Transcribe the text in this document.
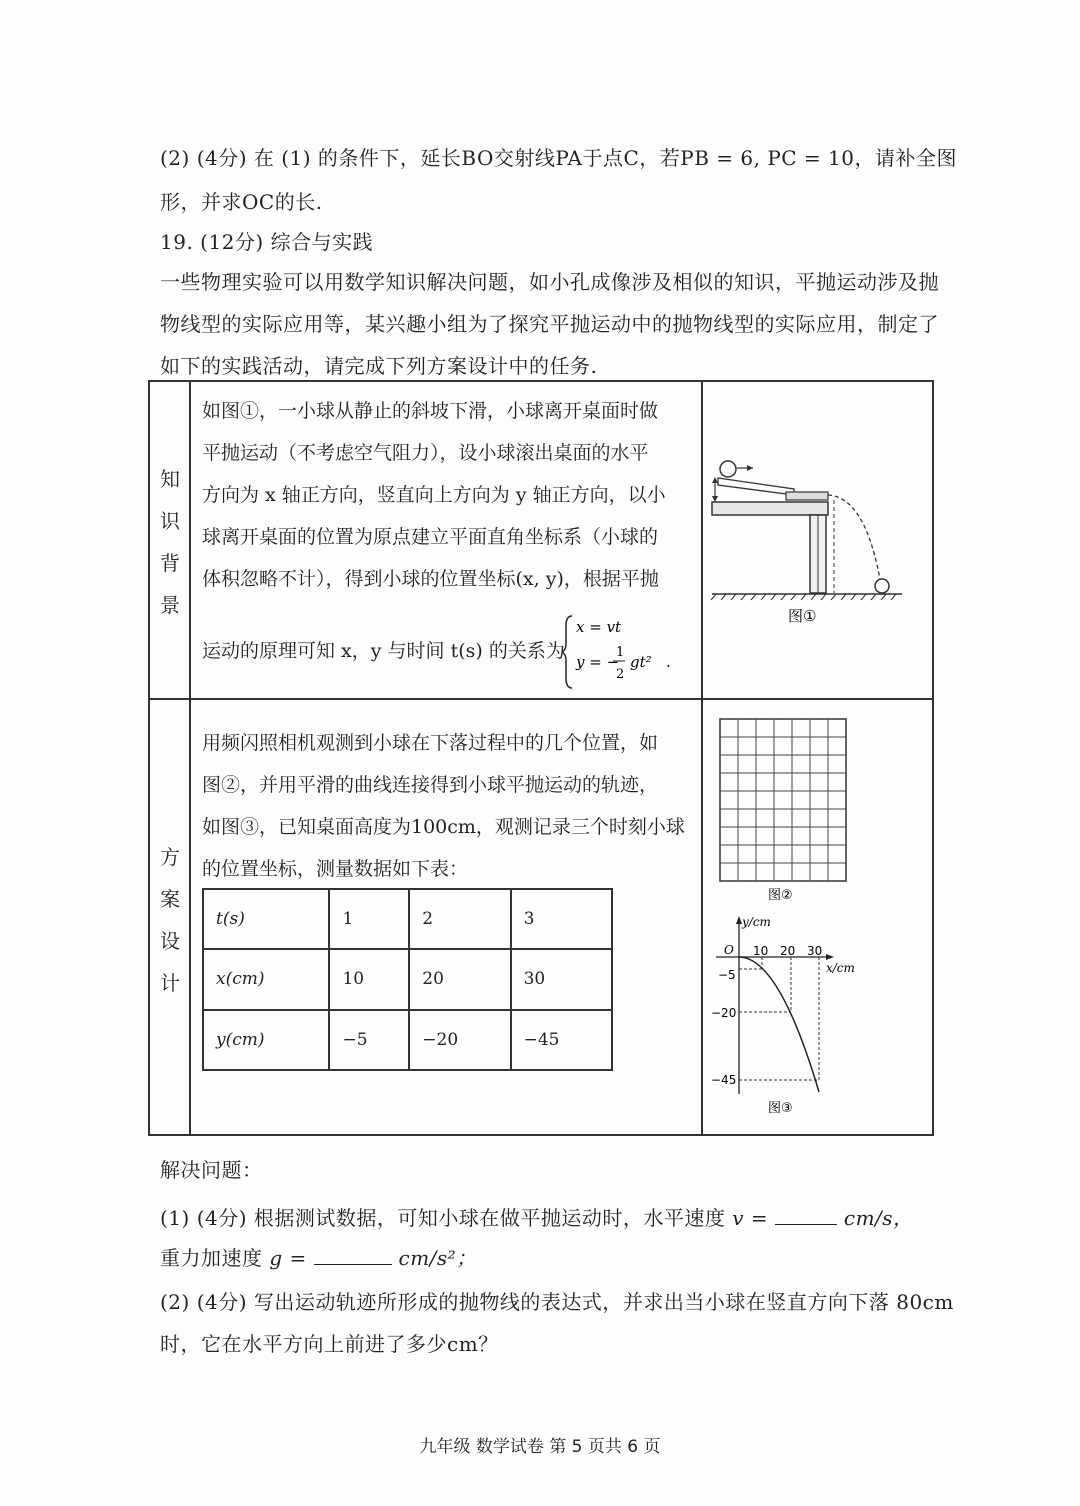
(2) (4分) 在 (1) 的条件下，延长BO交射线PA于点C，若PB = 6, PC = 10，请补全图
形，并求OC的长.
19. (12分) 综合与实践
一些物理实验可以用数学知识解决问题，如小孔成像涉及相似的知识，平抛运动涉及抛
物线型的实际应用等，某兴趣小组为了探究平抛运动中的抛物线型的实际应用，制定了
如下的实践活动，请完成下列方案设计中的任务.
知
识
背
景
如图①，一小球从静止的斜坡下滑，小球离开桌面时做
平抛运动（不考虑空气阻力），设小球滚出桌面的水平
方向为 x 轴正方向，竖直向上方向为 y 轴正方向，以小
球离开桌面的位置为原点建立平面直角坐标系（小球的
体积忽略不计），得到小球的位置坐标(x, y)，根据平抛
运动的原理可知 x，y 与时间 t(s) 的关系为
x = vt
y = −
1
2
gt² .
图①
方
案
设
计
用频闪照相机观测到小球在下落过程中的几个位置，如
图②，并用平滑的曲线连接得到小球平抛运动的轨迹，
如图③，已知桌面高度为100cm，观测记录三个时刻小球
的位置坐标，测量数据如下表：
t(s)	1	2	3
x(cm)	10	20	30
y(cm)	−5	−20	−45
图②
y/cm
x/cm
O 10 20 30
−5
−20
−45
图③
解决问题：
(1) (4分) 根据测试数据，可知小球在做平抛运动时，水平速度 v =	cm/s，
重力加速度 g =	cm/s²；
(2) (4分) 写出运动轨迹所形成的抛物线的表达式，并求出当小球在竖直方向下落 80cm
时，它在水平方向上前进了多少cm？
九年级 数学试卷 第 5 页共 6 页
